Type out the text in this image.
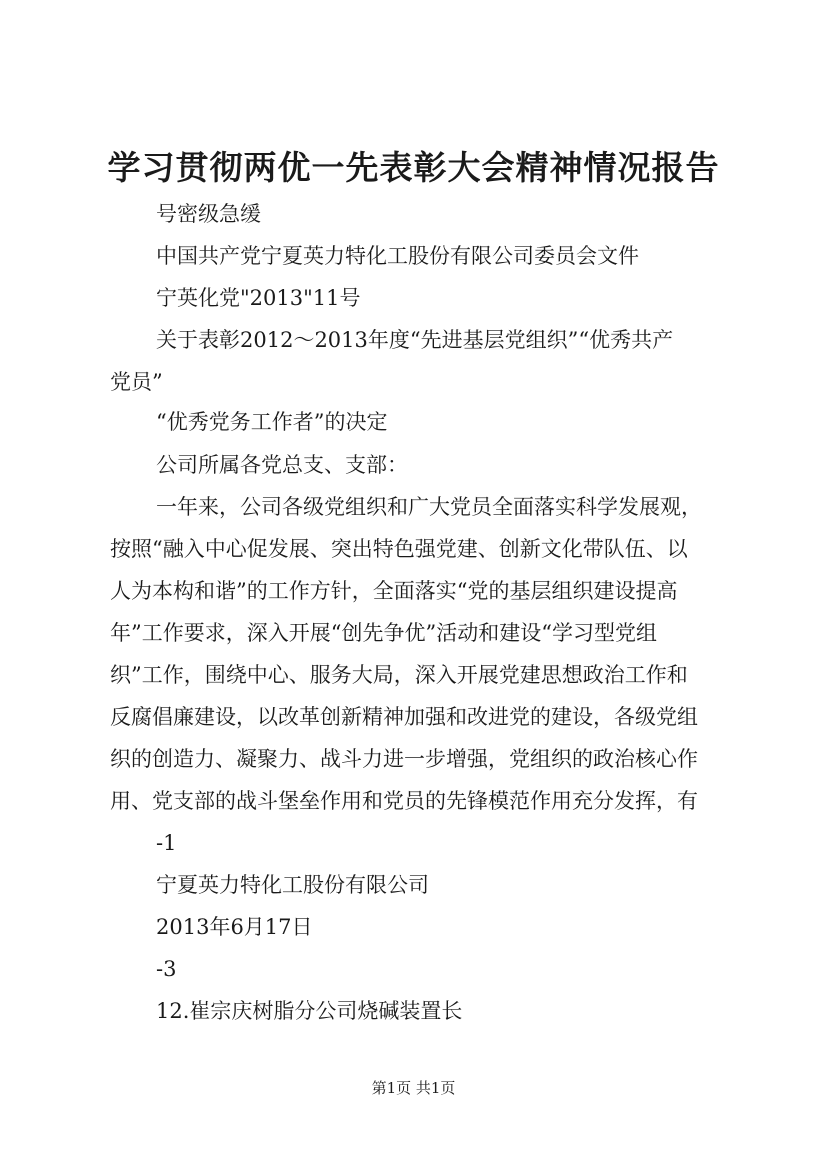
学习贯彻两优一先表彰大会精神情况报告

号密级急缓

中国共产党宁夏英力特化工股份有限公司委员会文件

宁英化党"2013"11号

关于表彰2012～2013年度“先进基层党组织”“优秀共产

党员”

“优秀党务工作者”的决定

公司所属各党总支、支部：

一年来，公司各级党组织和广大党员全面落实科学发展观，

按照“融入中心促发展、突出特色强党建、创新文化带队伍、以

人为本构和谐”的工作方针，全面落实“党的基层组织建设提高

年”工作要求，深入开展“创先争优”活动和建设“学习型党组

织”工作，围绕中心、服务大局，深入开展党建思想政治工作和

反腐倡廉建设，以改革创新精神加强和改进党的建设，各级党组

织的创造力、凝聚力、战斗力进一步增强，党组织的政治核心作

用、党支部的战斗堡垒作用和党员的先锋模范作用充分发挥，有

-1

宁夏英力特化工股份有限公司

2013年6月17日

-3

12.崔宗庆树脂分公司烧碱装置长

第1页 共1页
